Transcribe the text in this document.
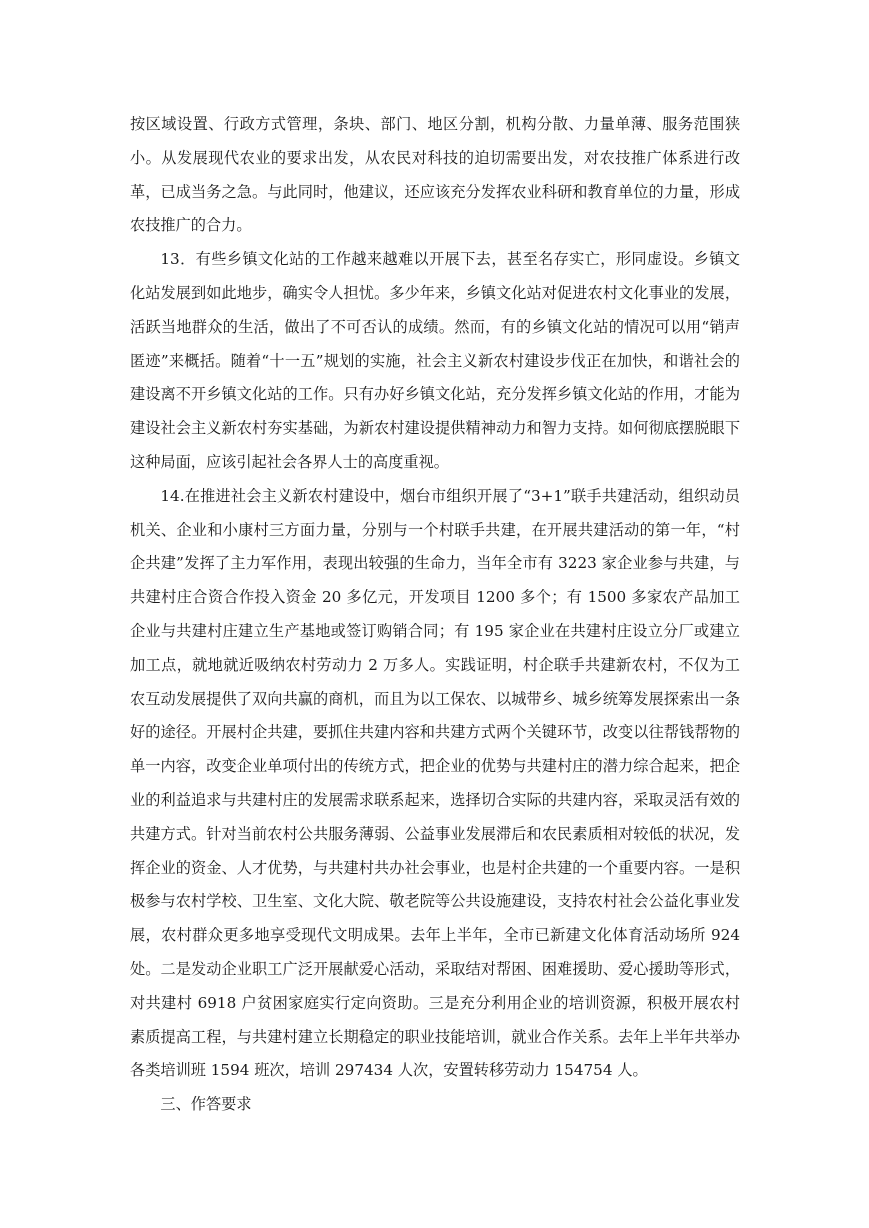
按区域设置、行政方式管理，条块、部门、地区分割，机构分散、力量单薄、服务范围狭小。从发展现代农业的要求出发，从农民对科技的迫切需要出发，对农技推广体系进行改革，已成当务之急。与此同时，他建议，还应该充分发挥农业科研和教育单位的力量，形成农技推广的合力。

13．有些乡镇文化站的工作越来越难以开展下去，甚至名存实亡，形同虚设。乡镇文化站发展到如此地步，确实令人担忧。多少年来，乡镇文化站对促进农村文化事业的发展，活跃当地群众的生活，做出了不可否认的成绩。然而，有的乡镇文化站的情况可以用“销声匿迹”来概括。随着“十一五”规划的实施，社会主义新农村建设步伐正在加快，和谐社会的建设离不开乡镇文化站的工作。只有办好乡镇文化站，充分发挥乡镇文化站的作用，才能为建设社会主义新农村夯实基础，为新农村建设提供精神动力和智力支持。如何彻底摆脱眼下这种局面，应该引起社会各界人士的高度重视。

14.在推进社会主义新农村建设中，烟台市组织开展了“3+1”联手共建活动，组织动员机关、企业和小康村三方面力量，分别与一个村联手共建，在开展共建活动的第一年，“村企共建”发挥了主力军作用，表现出较强的生命力，当年全市有 3223 家企业参与共建，与共建村庄合资合作投入资金 20 多亿元，开发项目 1200 多个；有 1500 多家农产品加工企业与共建村庄建立生产基地或签订购销合同；有 195 家企业在共建村庄设立分厂或建立加工点，就地就近吸纳农村劳动力 2 万多人。实践证明，村企联手共建新农村，不仅为工农互动发展提供了双向共赢的商机，而且为以工保农、以城带乡、城乡统筹发展探索出一条好的途径。开展村企共建，要抓住共建内容和共建方式两个关键环节，改变以往帮钱帮物的单一内容，改变企业单项付出的传统方式，把企业的优势与共建村庄的潜力综合起来，把企业的利益追求与共建村庄的发展需求联系起来，选择切合实际的共建内容，采取灵活有效的共建方式。针对当前农村公共服务薄弱、公益事业发展滞后和农民素质相对较低的状况，发挥企业的资金、人才优势，与共建村共办社会事业，也是村企共建的一个重要内容。一是积极参与农村学校、卫生室、文化大院、敬老院等公共设施建设，支持农村社会公益化事业发展，农村群众更多地享受现代文明成果。去年上半年，全市已新建文化体育活动场所 924 处。二是发动企业职工广泛开展献爱心活动，采取结对帮困、困难援助、爱心援助等形式，对共建村 6918 户贫困家庭实行定向资助。三是充分利用企业的培训资源，积极开展农村素质提高工程，与共建村建立长期稳定的职业技能培训，就业合作关系。去年上半年共举办各类培训班 1594 班次，培训 297434 人次，安置转移劳动力 154754 人。

三、作答要求
